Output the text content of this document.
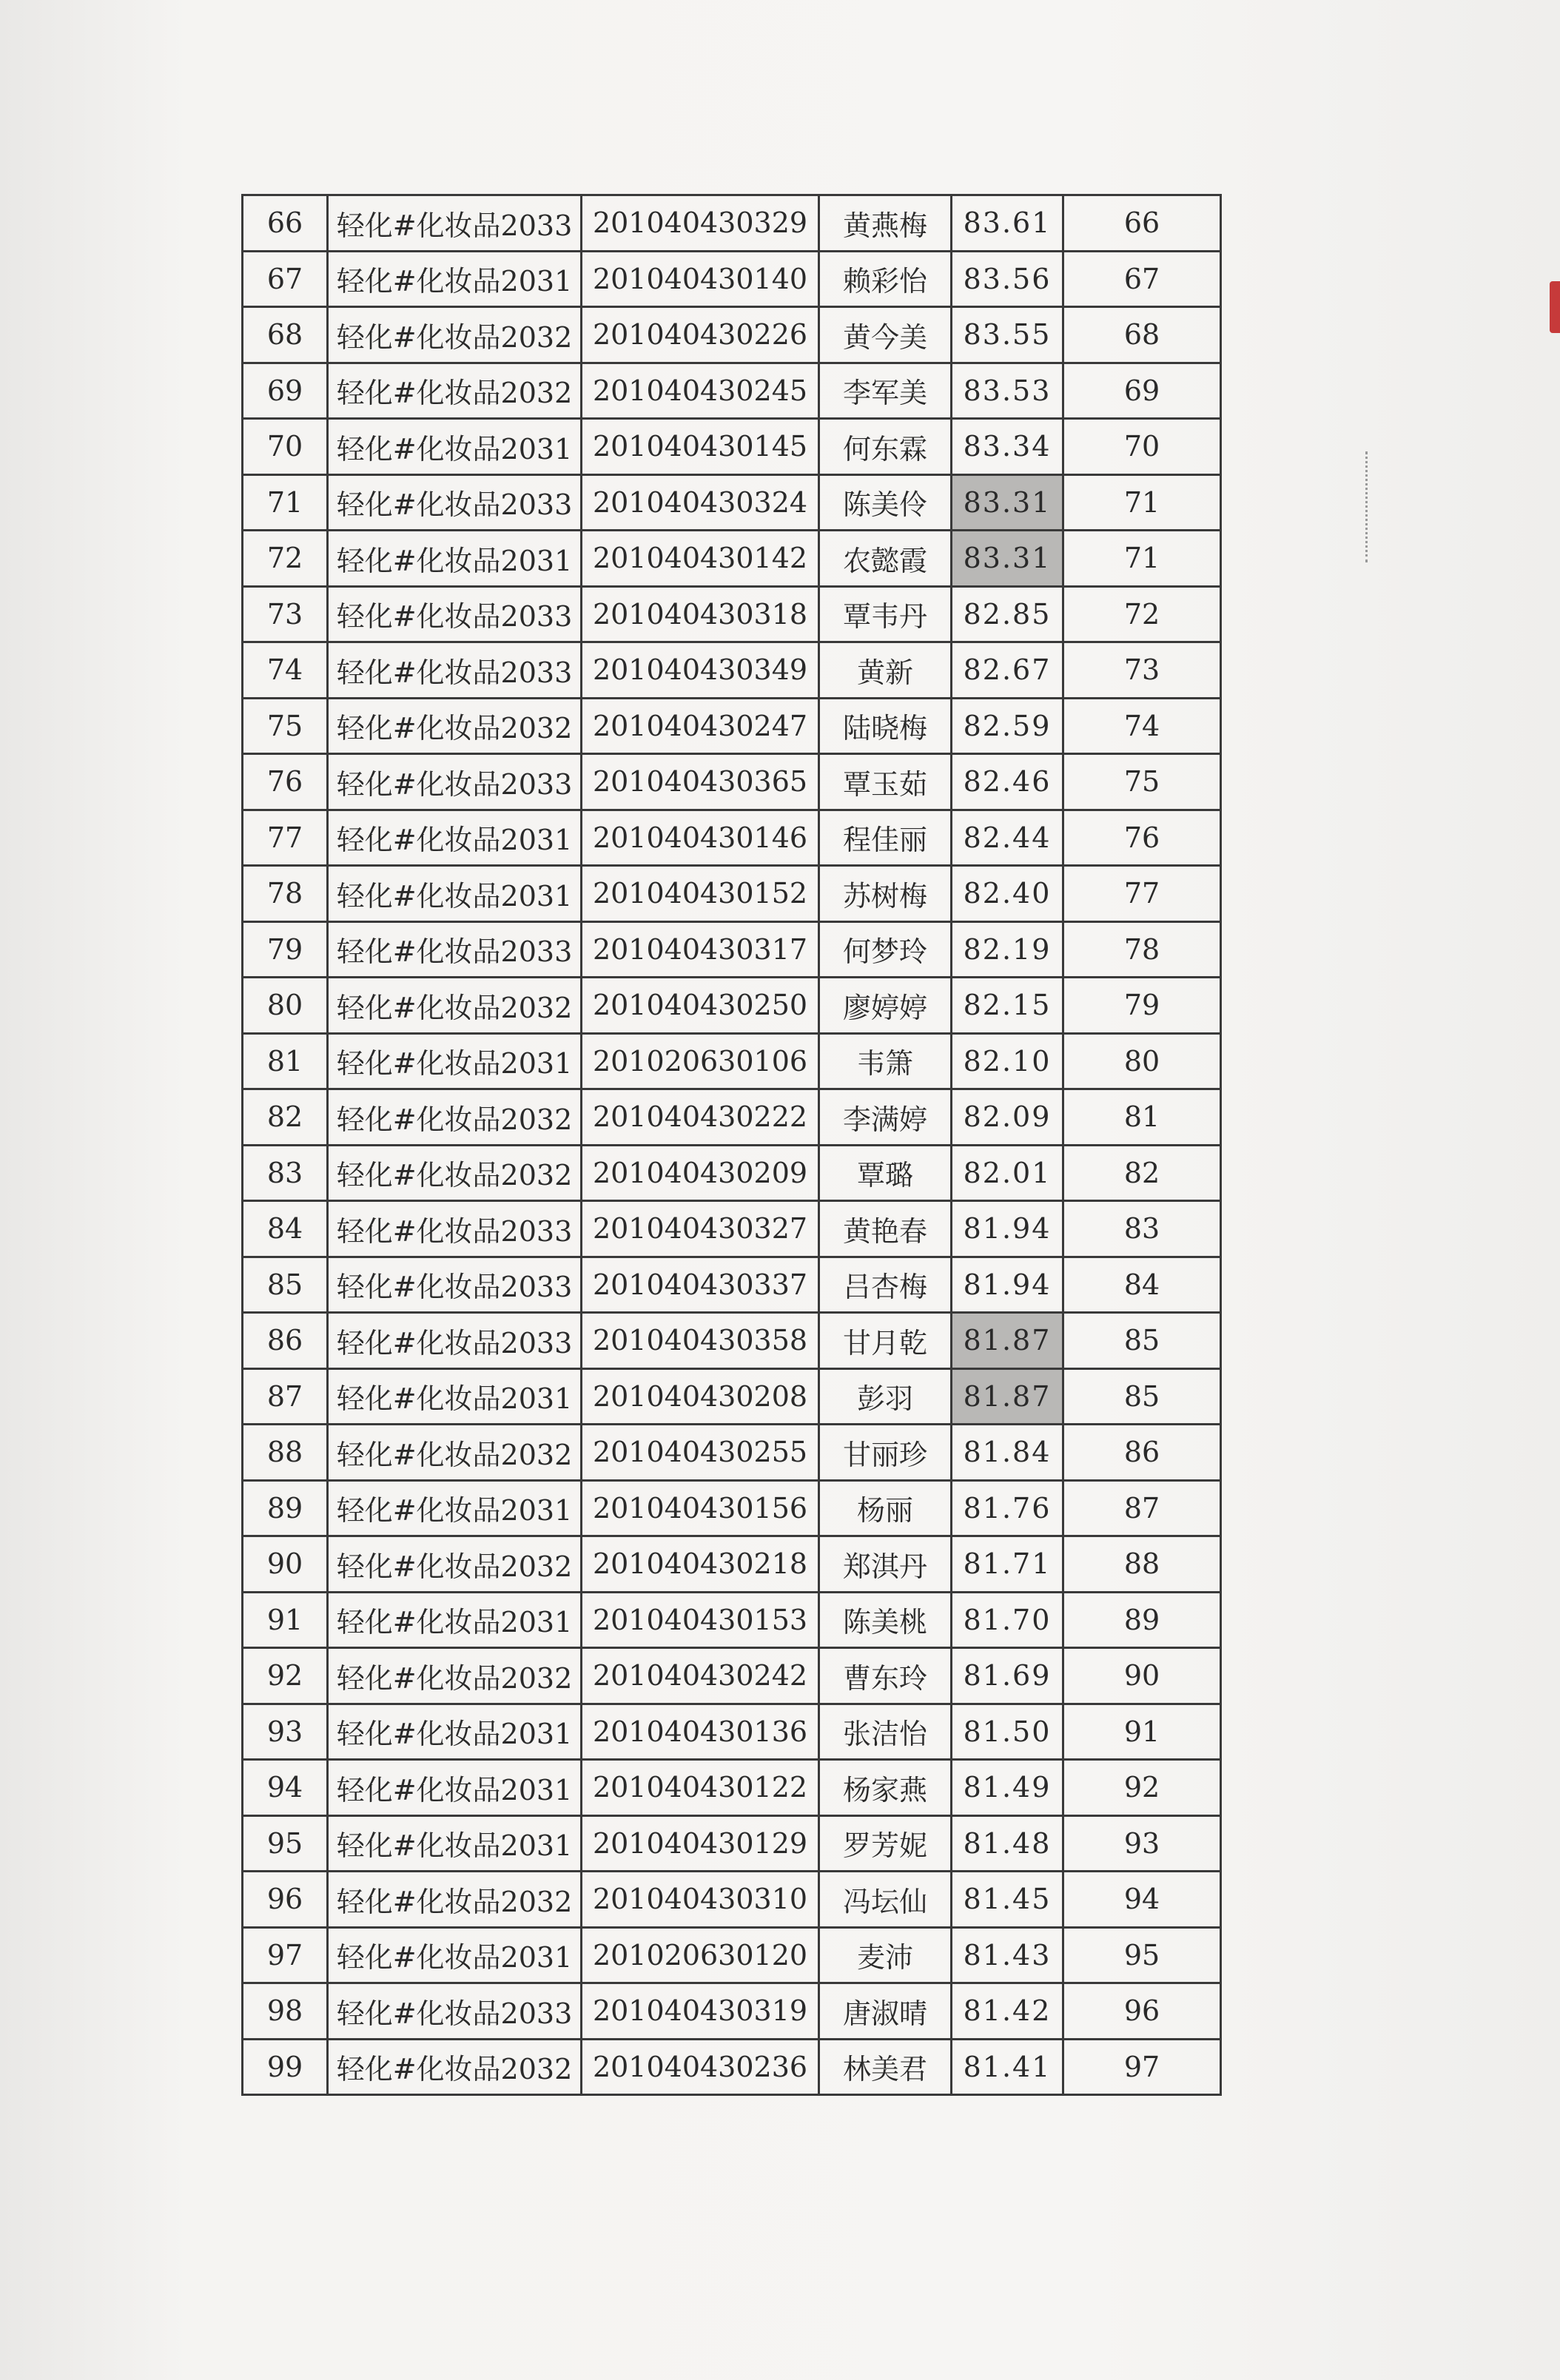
66	轻化#化妆品2033	201040430329	黄燕梅	83.61	66
67	轻化#化妆品2031	201040430140	赖彩怡	83.56	67
68	轻化#化妆品2032	201040430226	黄今美	83.55	68
69	轻化#化妆品2032	201040430245	李军美	83.53	69
70	轻化#化妆品2031	201040430145	何东霖	83.34	70
71	轻化#化妆品2033	201040430324	陈美伶	83.31	71
72	轻化#化妆品2031	201040430142	农懿霞	83.31	71
73	轻化#化妆品2033	201040430318	覃韦丹	82.85	72
74	轻化#化妆品2033	201040430349	黄新	82.67	73
75	轻化#化妆品2032	201040430247	陆晓梅	82.59	74
76	轻化#化妆品2033	201040430365	覃玉茹	82.46	75
77	轻化#化妆品2031	201040430146	程佳丽	82.44	76
78	轻化#化妆品2031	201040430152	苏树梅	82.40	77
79	轻化#化妆品2033	201040430317	何梦玲	82.19	78
80	轻化#化妆品2032	201040430250	廖婷婷	82.15	79
81	轻化#化妆品2031	201020630106	韦箫	82.10	80
82	轻化#化妆品2032	201040430222	李满婷	82.09	81
83	轻化#化妆品2032	201040430209	覃璐	82.01	82
84	轻化#化妆品2033	201040430327	黄艳春	81.94	83
85	轻化#化妆品2033	201040430337	吕杏梅	81.94	84
86	轻化#化妆品2033	201040430358	甘月乾	81.87	85
87	轻化#化妆品2031	201040430208	彭羽	81.87	85
88	轻化#化妆品2032	201040430255	甘丽珍	81.84	86
89	轻化#化妆品2031	201040430156	杨丽	81.76	87
90	轻化#化妆品2032	201040430218	郑淇丹	81.71	88
91	轻化#化妆品2031	201040430153	陈美桃	81.70	89
92	轻化#化妆品2032	201040430242	曹东玲	81.69	90
93	轻化#化妆品2031	201040430136	张洁怡	81.50	91
94	轻化#化妆品2031	201040430122	杨家燕	81.49	92
95	轻化#化妆品2031	201040430129	罗芳妮	81.48	93
96	轻化#化妆品2032	201040430310	冯坛仙	81.45	94
97	轻化#化妆品2031	201020630120	麦沛	81.43	95
98	轻化#化妆品2033	201040430319	唐淑晴	81.42	96
99	轻化#化妆品2032	201040430236	林美君	81.41	97
